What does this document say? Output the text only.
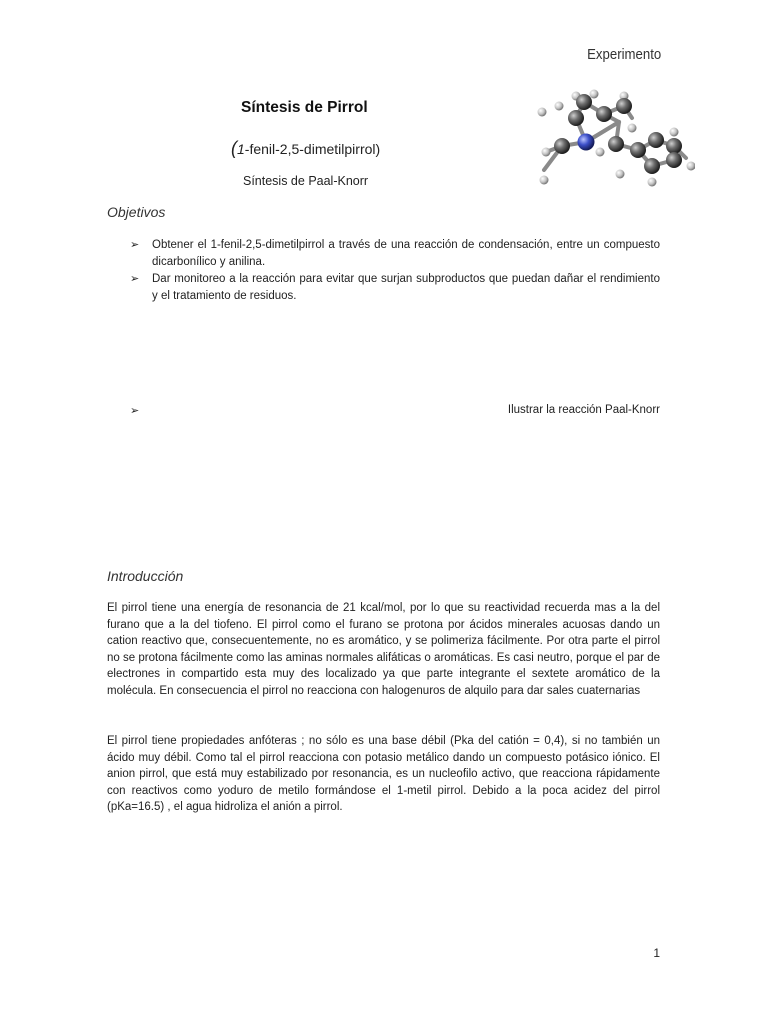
Experimento
Síntesis de Pirrol
(1-fenil-2,5-dimetilpirrol)
Síntesis de Paal-Knorr
Objetivos
➢ Obtener el 1-fenil-2,5-dimetilpirrol a través de una reacción de condensación, entre un compuesto dicarbonílico y anilina.
➢ Dar monitoreo a la reacción para evitar que surjan subproductos que puedan dañar el rendimiento y el tratamiento de residuos.
➢	Ilustrar la reacción Paal-Knorr
Introducción

El pirrol tiene una energía de resonancia de 21 kcal/mol, por lo que su reactividad recuerda mas a la del furano que a la del tiofeno. El pirrol como el furano se protona por ácidos minerales acuosas dando un cation reactivo que, consecuentemente, no es aromático, y se polimeriza fácilmente. Por otra parte el pirrol no se protona fácilmente como las aminas normales alifáticas o aromáticas. Es casi neutro, porque el par de electrones in compartido esta muy des localizado ya que parte integrante el sextete aromático de la molécula. En consecuencia el pirrol no reacciona con halogenuros de alquilo para dar sales cuaternarias

El pirrol tiene propiedades anfóteras ; no sólo es una base débil (Pka del catión = 0,4), si no también un ácido muy débil. Como tal el pirrol reacciona con potasio metálico dando un compuesto potásico iónico. El anion pirrol, que está muy estabilizado por resonancia, es un nucleofilo activo, que reacciona rápidamente con reactivos como yoduro de metilo formándose el 1-metil pirrol. Debido a la poca acidez del pirrol (pKa=16.5) , el agua hidroliza el anión a pirrol.

1
